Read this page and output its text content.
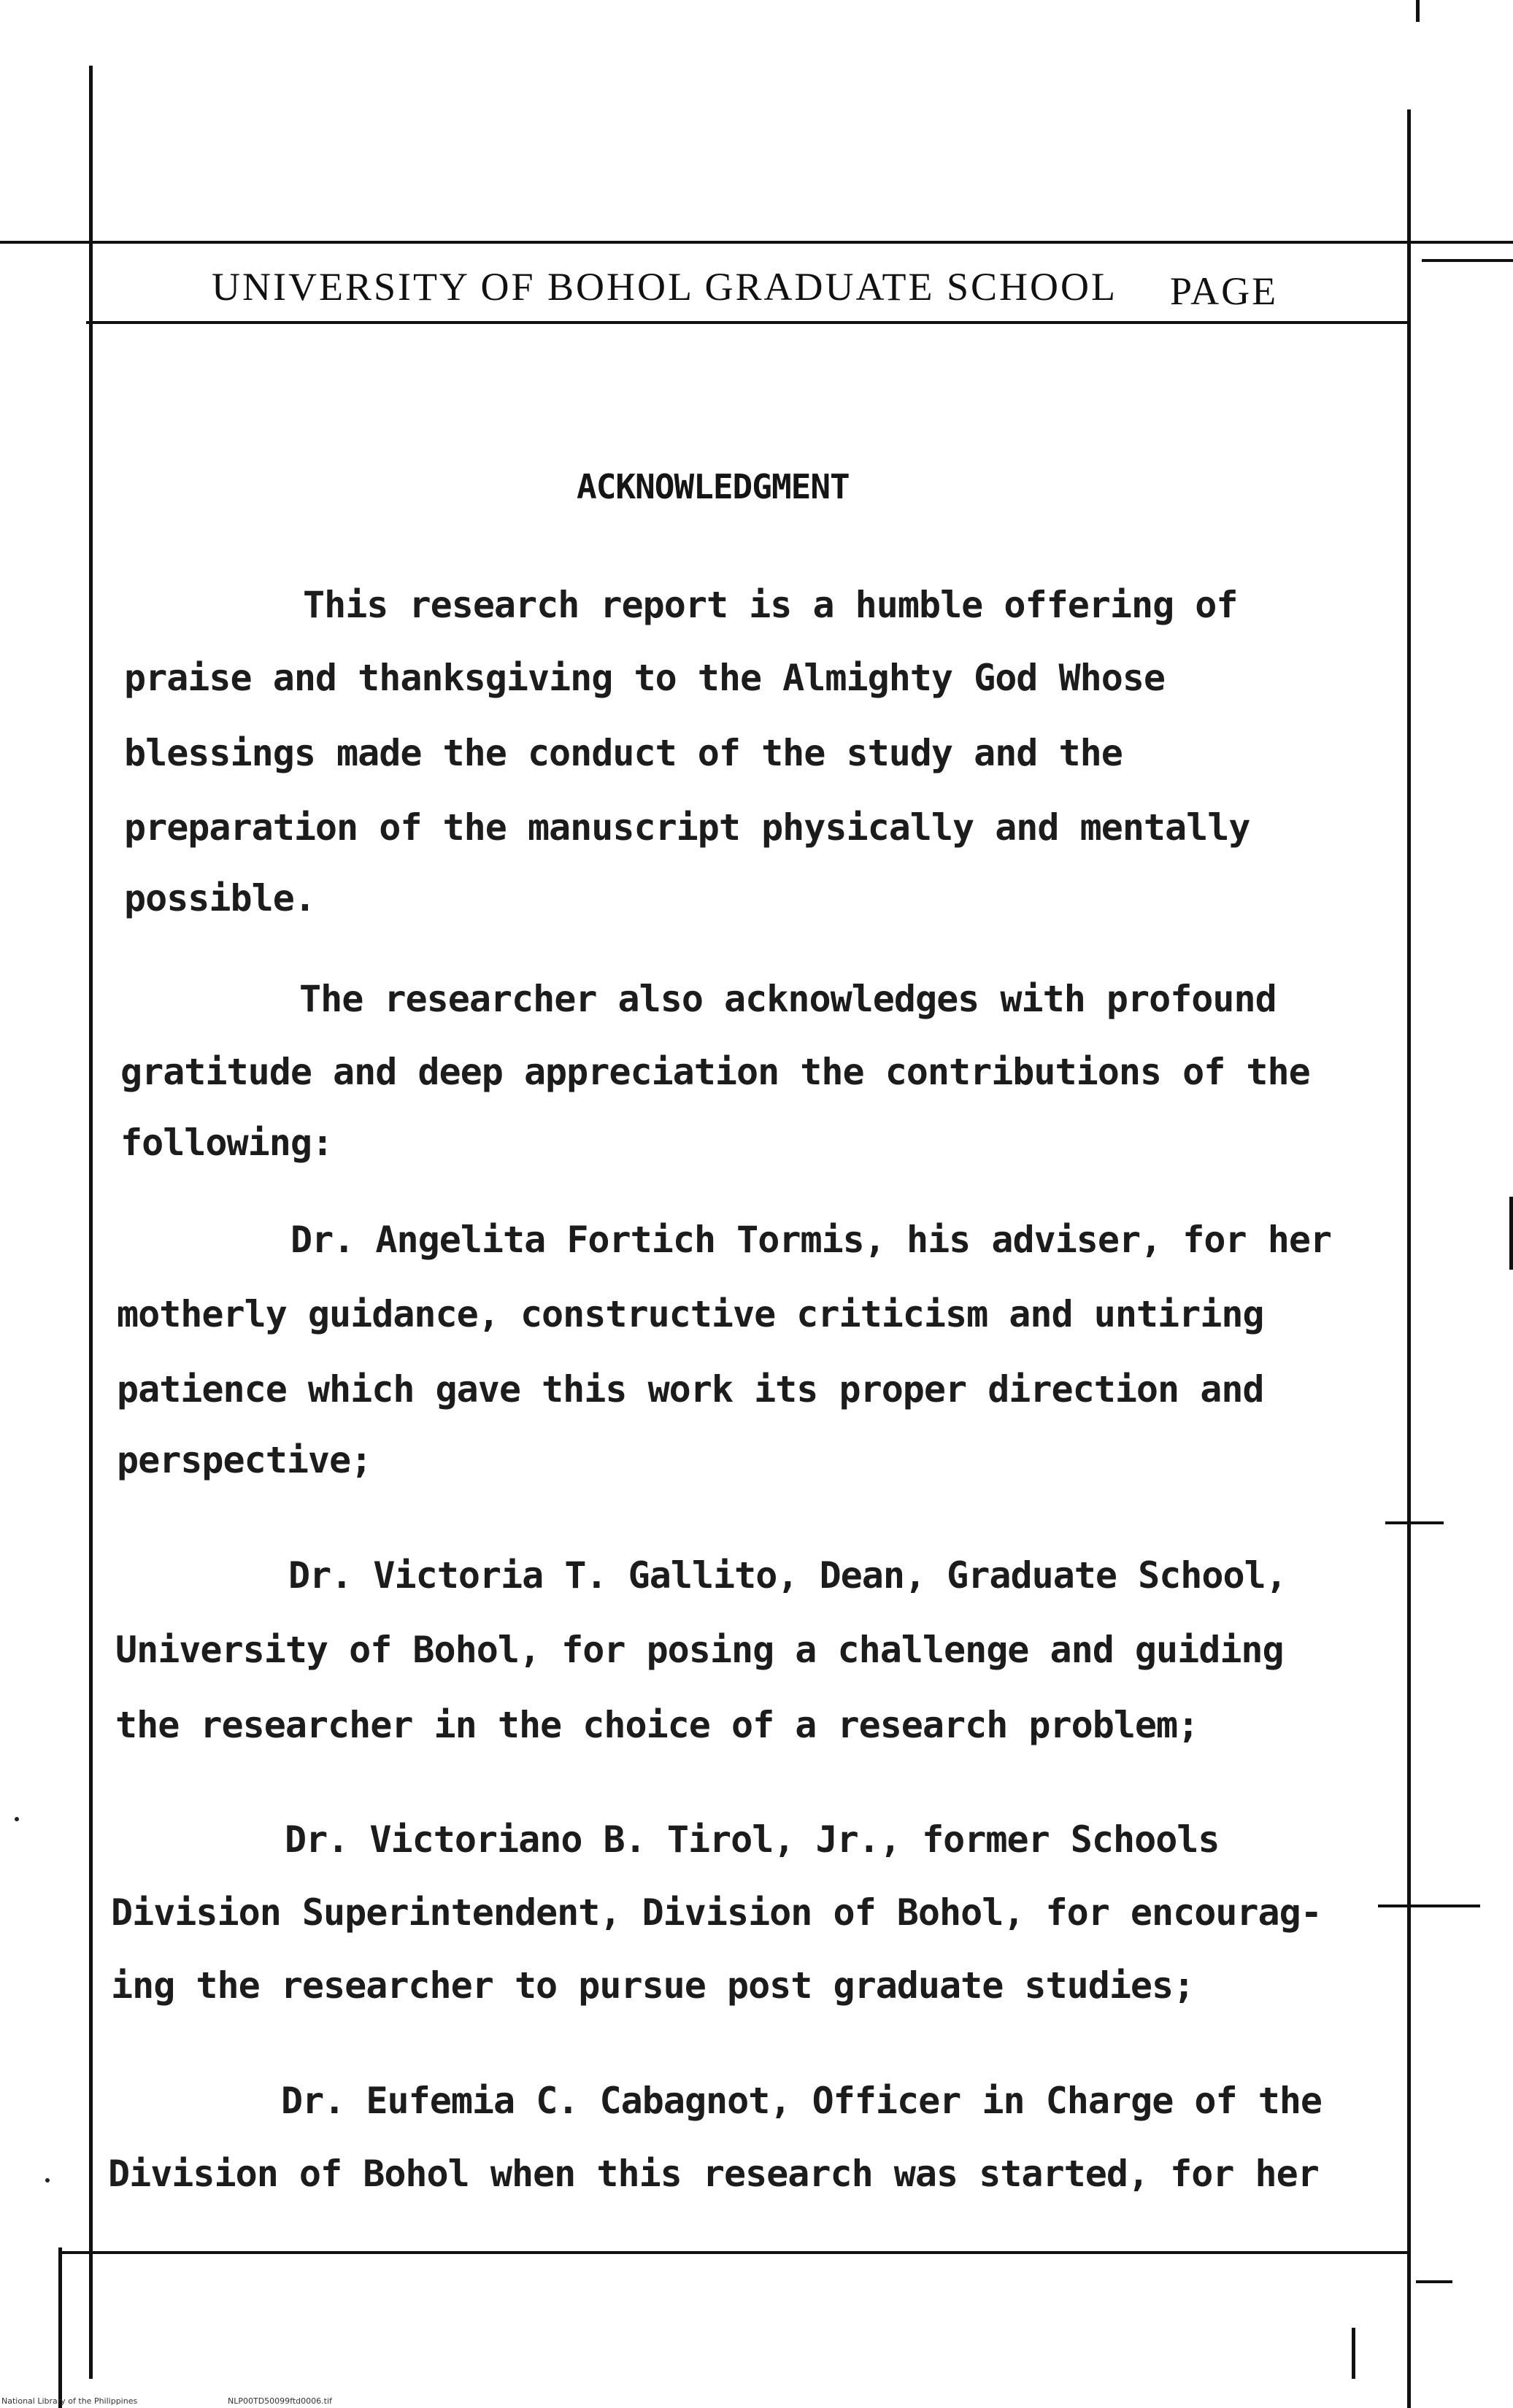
UNIVERSITY OF BOHOL GRADUATE SCHOOL PAGE
ACKNOWLEDGMENT
This research report is a humble offering of
praise and thanksgiving to the Almighty God Whose
blessings made the conduct of the study and the
preparation of the manuscript physically and mentally
possible.
The researcher also acknowledges with profound
gratitude and deep appreciation the contributions of the
following:
Dr. Angelita Fortich Tormis, his adviser, for her
motherly guidance, constructive criticism and untiring
patience which gave this work its proper direction and
perspective;
Dr. Victoria T. Gallito, Dean, Graduate School,
University of Bohol, for posing a challenge and guiding
the researcher in the choice of a research problem;
Dr. Victoriano B. Tirol, Jr., former Schools
Division Superintendent, Division of Bohol, for encourag-
ing the researcher to pursue post graduate studies;
Dr. Eufemia C. Cabagnot, Officer in Charge of the
Division of Bohol when this research was started, for her
National Library of the Philippines	NLP00TD50099ftd0006.tif
